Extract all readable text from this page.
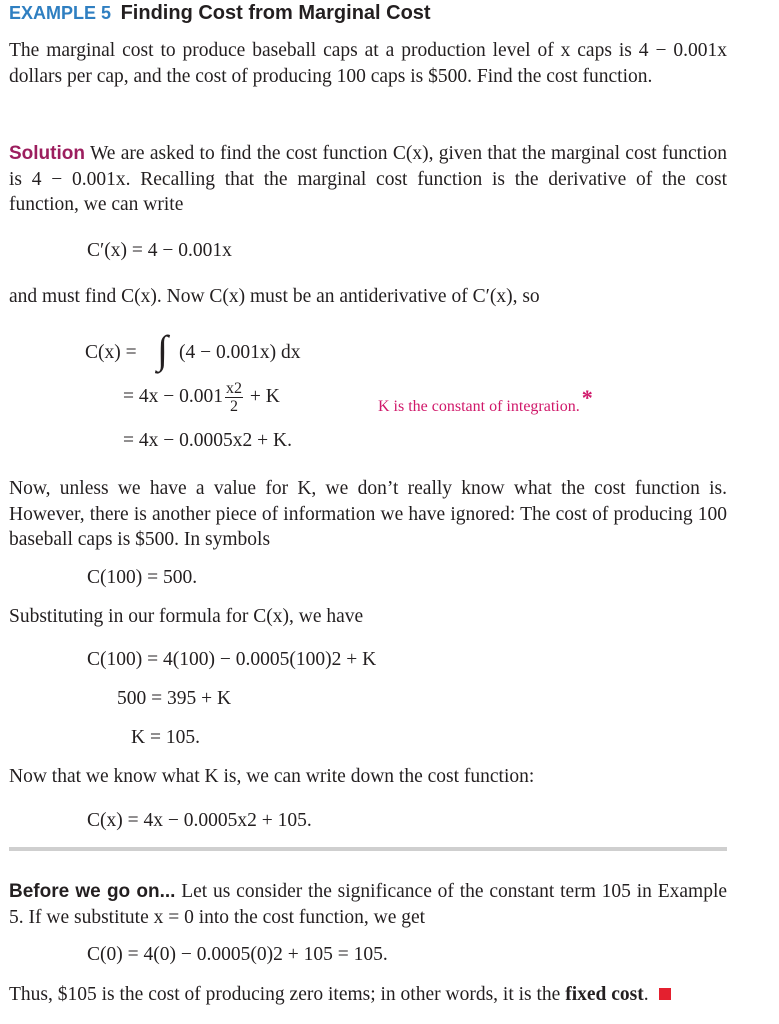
EXAMPLE 5 Finding Cost from Marginal Cost
The marginal cost to produce baseball caps at a production level of x caps is 4 − 0.001x dollars per cap, and the cost of producing 100 caps is $500. Find the cost function.
Solution We are asked to find the cost function C(x), given that the marginal cost function is 4 − 0.001x. Recalling that the marginal cost function is the derivative of the cost function, we can write
C′(x) = 4 − 0.001x
and must find C(x). Now C(x) must be an antiderivative of C′(x), so
C(x) = ∫ (4 − 0.001x) dx
= $4x - 0.001 \frac{x2}{2} + K$	K is the constant of integration.*
= 4x − 0.0005x2 + K.
Now, unless we have a value for K, we don’t really know what the cost function is. However, there is another piece of information we have ignored: The cost of producing 100 baseball caps is $500. In symbols
C(100) = 500.
Substituting in our formula for C(x), we have
C(100) = 4(100) − 0.0005(100)2 + K
500 = 395 + K
K = 105.
Now that we know what K is, we can write down the cost function:
C(x) = 4x − 0.0005x2 + 105.
Before we go on... Let us consider the significance of the constant term 105 in Example 5. If we substitute x = 0 into the cost function, we get
C(0) = 4(0) − 0.0005(0)2 + 105 = 105.
Thus, $105 is the cost of producing zero items; in other words, it is the fixed cost.
